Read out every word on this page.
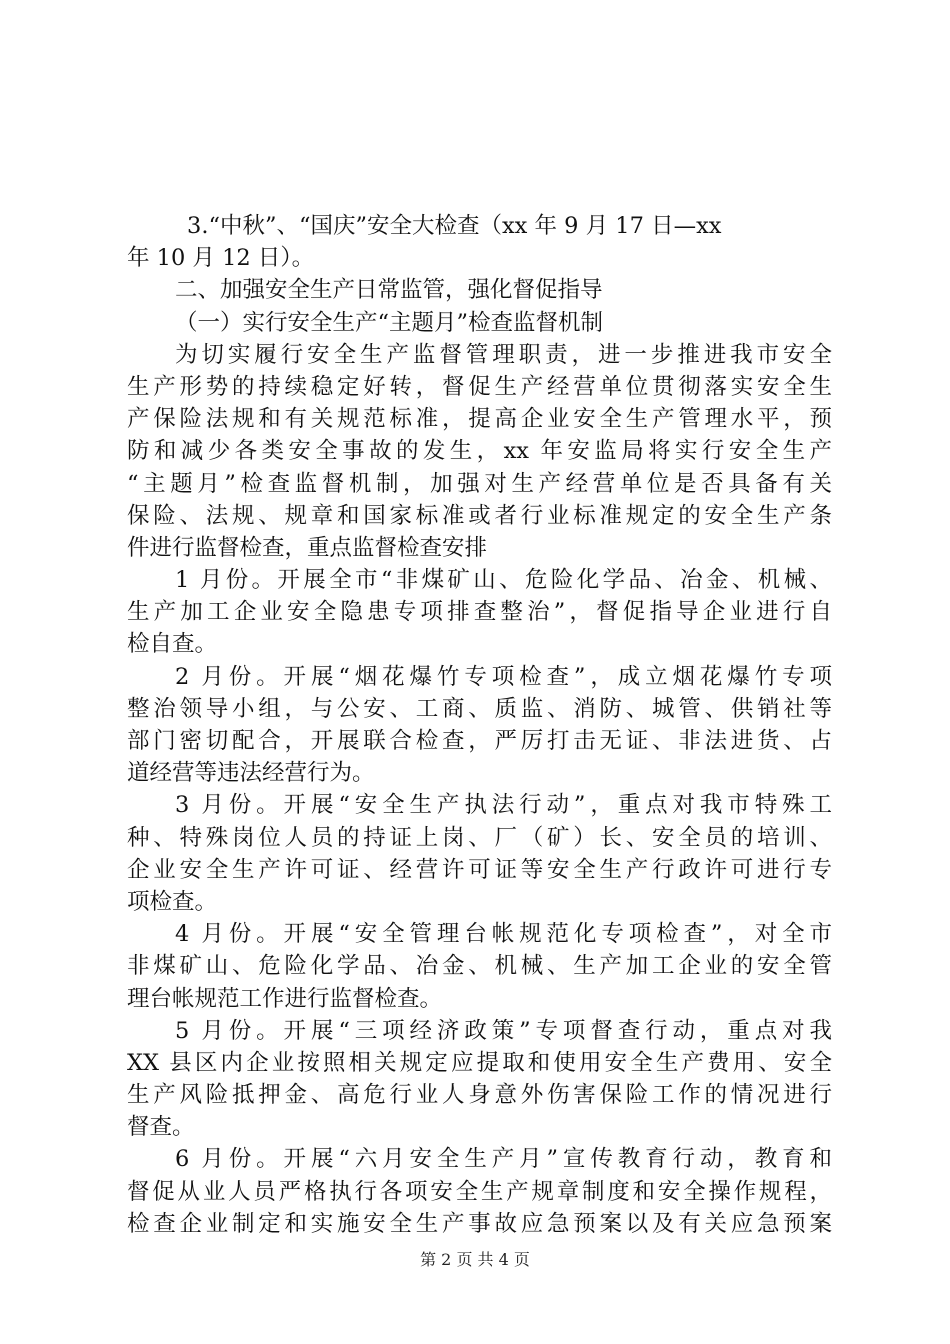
3.“中秋”、“国庆”安全大检查（xx 年 9 月 17 日—xx
年 10 月 12 日）。
二、加强安全生产日常监管，强化督促指导
（一）实行安全生产“主题月”检查监督机制
为切实履行安全生产监督管理职责，进一步推进我市安全
生产形势的持续稳定好转，督促生产经营单位贯彻落实安全生
产保险法规和有关规范标准，提高企业安全生产管理水平，预
防和减少各类安全事故的发生，xx 年安监局将实行安全生产
“主题月”检查监督机制，加强对生产经营单位是否具备有关
保险、法规、规章和国家标准或者行业标准规定的安全生产条
件进行监督检查，重点监督检查安排
1 月份。开展全市“非煤矿山、危险化学品、冶金、机械、
生产加工企业安全隐患专项排查整治”，督促指导企业进行自
检自查。
2 月份。开展“烟花爆竹专项检查”，成立烟花爆竹专项
整治领导小组，与公安、工商、质监、消防、城管、供销社等
部门密切配合，开展联合检查，严厉打击无证、非法进货、占
道经营等违法经营行为。
3 月份。开展“安全生产执法行动”，重点对我市特殊工
种、特殊岗位人员的持证上岗、厂（矿）长、安全员的培训、
企业安全生产许可证、经营许可证等安全生产行政许可进行专
项检查。
4 月份。开展“安全管理台帐规范化专项检查”，对全市
非煤矿山、危险化学品、冶金、机械、生产加工企业的安全管
理台帐规范工作进行监督检查。
5 月份。开展“三项经济政策”专项督查行动，重点对我
XX 县区内企业按照相关规定应提取和使用安全生产费用、安全
生产风险抵押金、高危行业人身意外伤害保险工作的情况进行
督查。
6 月份。开展“六月安全生产月”宣传教育行动，教育和
督促从业人员严格执行各项安全生产规章制度和安全操作规程，
检查企业制定和实施安全生产事故应急预案以及有关应急预案
第 2 页 共 4 页
